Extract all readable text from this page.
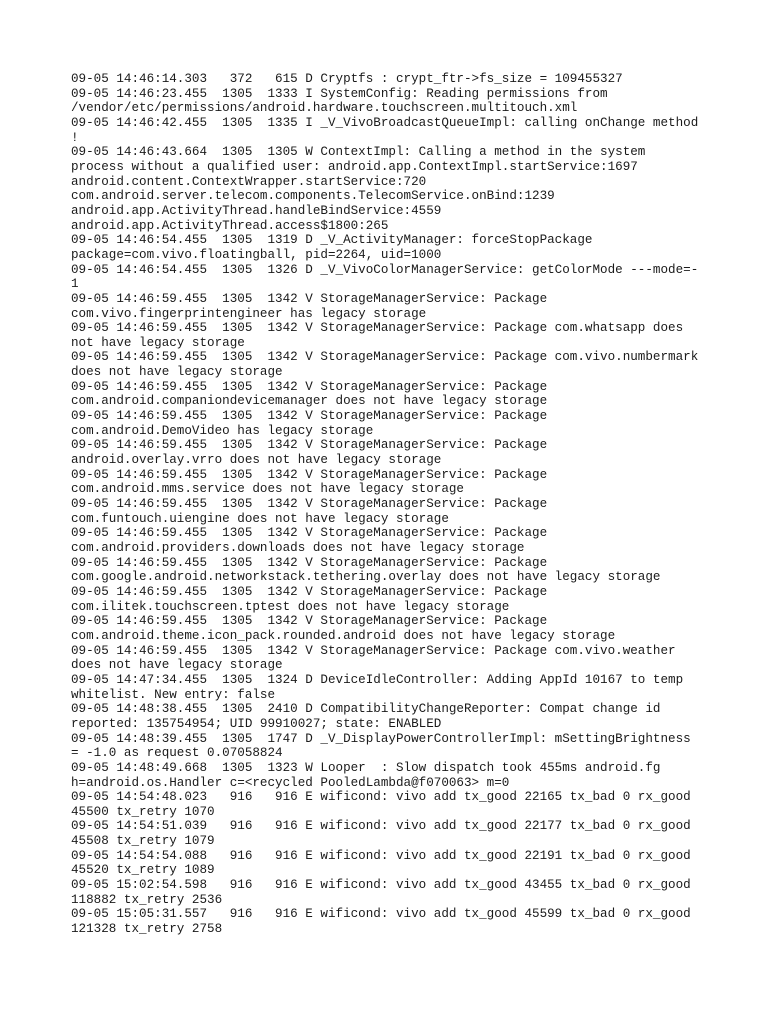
09-05 14:46:14.303   372   615 D Cryptfs : crypt_ftr->fs_size = 109455327
09-05 14:46:23.455  1305  1333 I SystemConfig: Reading permissions from
/vendor/etc/permissions/android.hardware.touchscreen.multitouch.xml
09-05 14:46:42.455  1305  1335 I _V_VivoBroadcastQueueImpl: calling onChange method
!
09-05 14:46:43.664  1305  1305 W ContextImpl: Calling a method in the system
process without a qualified user: android.app.ContextImpl.startService:1697
android.content.ContextWrapper.startService:720
com.android.server.telecom.components.TelecomService.onBind:1239
android.app.ActivityThread.handleBindService:4559
android.app.ActivityThread.access$1800:265
09-05 14:46:54.455  1305  1319 D _V_ActivityManager: forceStopPackage
package=com.vivo.floatingball, pid=2264, uid=1000
09-05 14:46:54.455  1305  1326 D _V_VivoColorManagerService: getColorMode ---mode=-
1
09-05 14:46:59.455  1305  1342 V StorageManagerService: Package
com.vivo.fingerprintengineer has legacy storage
09-05 14:46:59.455  1305  1342 V StorageManagerService: Package com.whatsapp does
not have legacy storage
09-05 14:46:59.455  1305  1342 V StorageManagerService: Package com.vivo.numbermark
does not have legacy storage
09-05 14:46:59.455  1305  1342 V StorageManagerService: Package
com.android.companiondevicemanager does not have legacy storage
09-05 14:46:59.455  1305  1342 V StorageManagerService: Package
com.android.DemoVideo has legacy storage
09-05 14:46:59.455  1305  1342 V StorageManagerService: Package
android.overlay.vrro does not have legacy storage
09-05 14:46:59.455  1305  1342 V StorageManagerService: Package
com.android.mms.service does not have legacy storage
09-05 14:46:59.455  1305  1342 V StorageManagerService: Package
com.funtouch.uiengine does not have legacy storage
09-05 14:46:59.455  1305  1342 V StorageManagerService: Package
com.android.providers.downloads does not have legacy storage
09-05 14:46:59.455  1305  1342 V StorageManagerService: Package
com.google.android.networkstack.tethering.overlay does not have legacy storage
09-05 14:46:59.455  1305  1342 V StorageManagerService: Package
com.ilitek.touchscreen.tptest does not have legacy storage
09-05 14:46:59.455  1305  1342 V StorageManagerService: Package
com.android.theme.icon_pack.rounded.android does not have legacy storage
09-05 14:46:59.455  1305  1342 V StorageManagerService: Package com.vivo.weather
does not have legacy storage
09-05 14:47:34.455  1305  1324 D DeviceIdleController: Adding AppId 10167 to temp
whitelist. New entry: false
09-05 14:48:38.455  1305  2410 D CompatibilityChangeReporter: Compat change id
reported: 135754954; UID 99910027; state: ENABLED
09-05 14:48:39.455  1305  1747 D _V_DisplayPowerControllerImpl: mSettingBrightness
= -1.0 as request 0.07058824
09-05 14:48:49.668  1305  1323 W Looper  : Slow dispatch took 455ms android.fg
h=android.os.Handler c=<recycled PooledLambda@f070063> m=0
09-05 14:54:48.023   916   916 E wificond: vivo add tx_good 22165 tx_bad 0 rx_good
45500 tx_retry 1070
09-05 14:54:51.039   916   916 E wificond: vivo add tx_good 22177 tx_bad 0 rx_good
45508 tx_retry 1079
09-05 14:54:54.088   916   916 E wificond: vivo add tx_good 22191 tx_bad 0 rx_good
45520 tx_retry 1089
09-05 15:02:54.598   916   916 E wificond: vivo add tx_good 43455 tx_bad 0 rx_good
118882 tx_retry 2536
09-05 15:05:31.557   916   916 E wificond: vivo add tx_good 45599 tx_bad 0 rx_good
121328 tx_retry 2758
